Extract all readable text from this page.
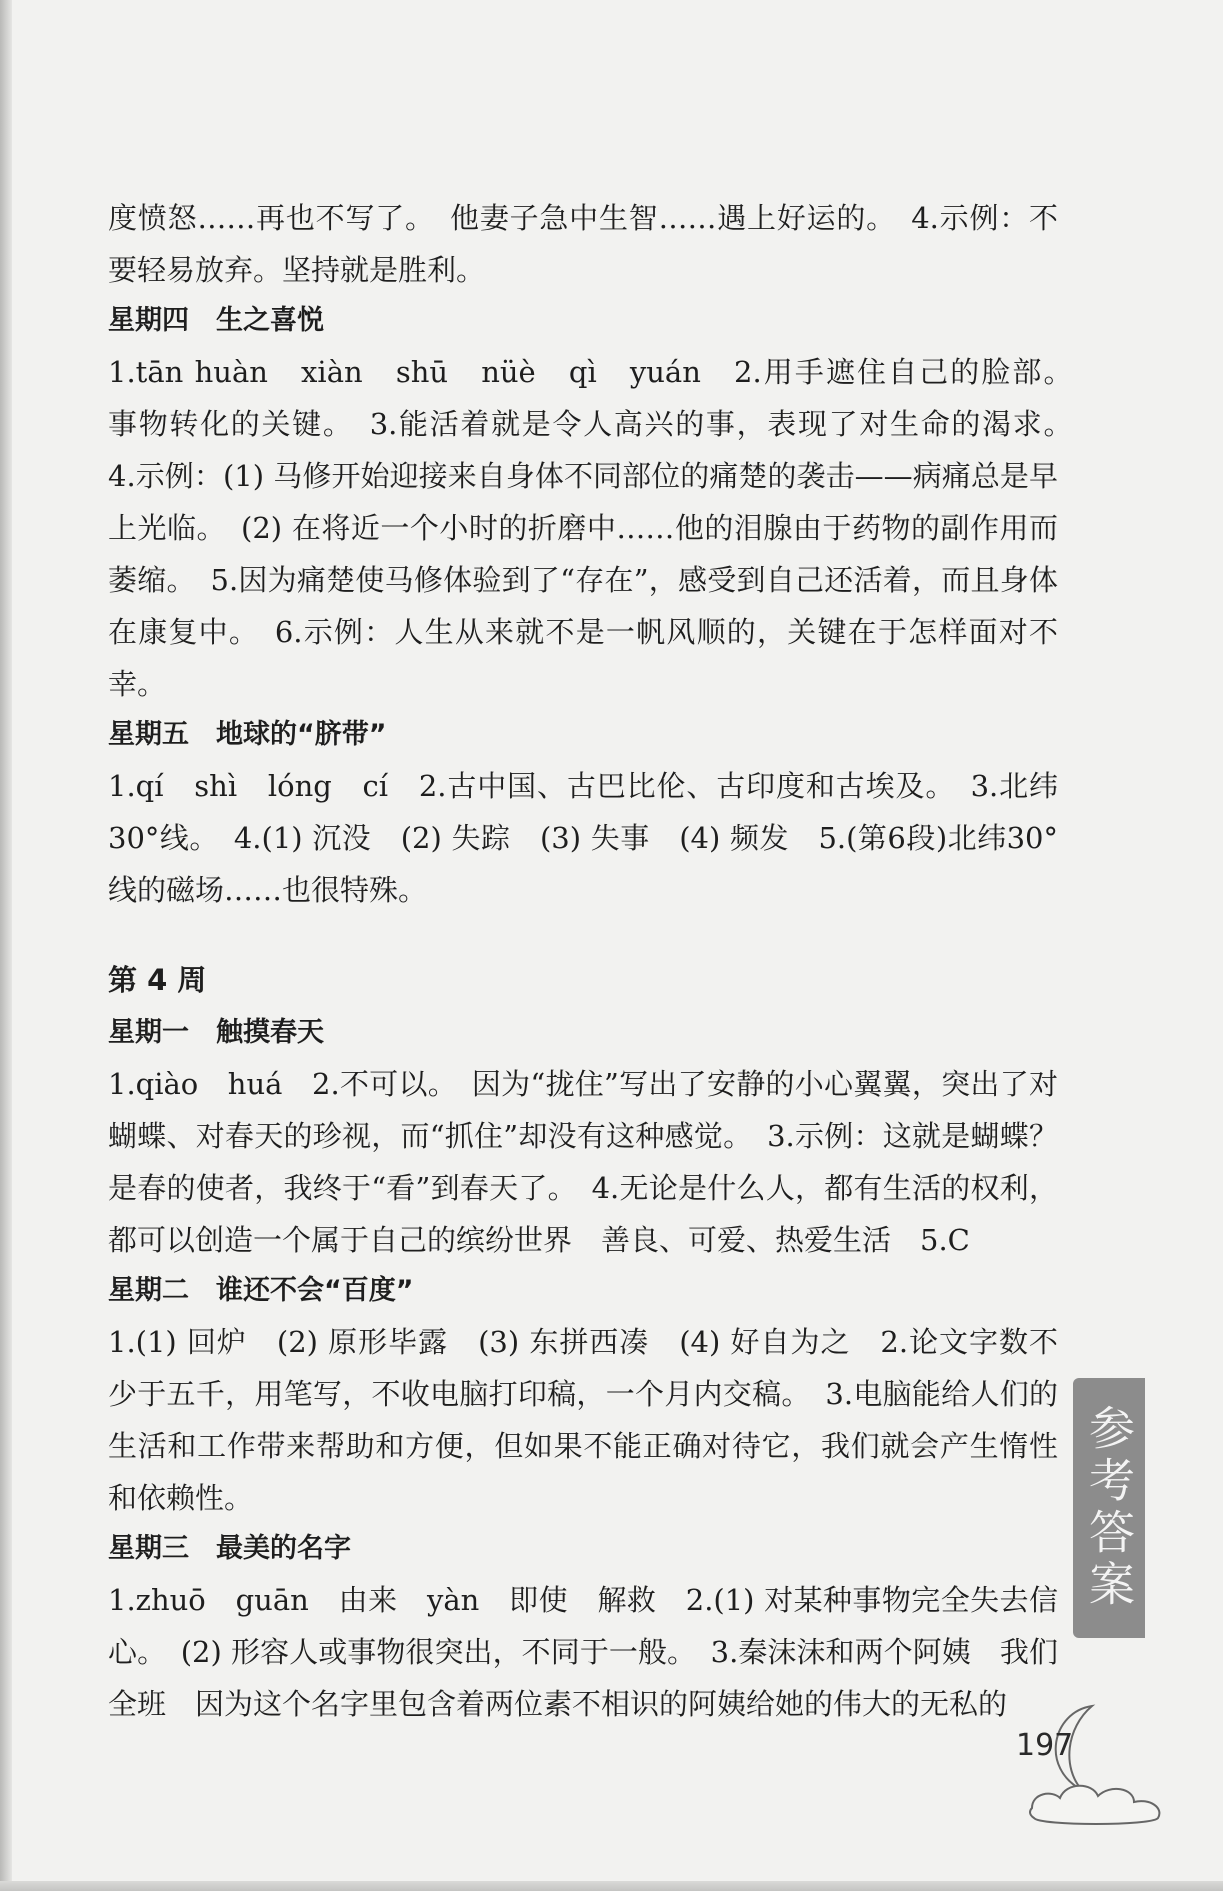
度愤怒……再也不写了。　他妻子急中生智……遇上好运的。　4.示例：不要轻易放弃。坚持就是胜利。

星期四　生之喜悦

1.tān huàn　xiàn　shū　nüè　qì　yuán　2.用手遮住自己的脸部。　事物转化的关键。　3.能活着就是令人高兴的事，表现了对生命的渴求。　4.示例：(1) 马修开始迎接来自身体不同部位的痛楚的袭击——病痛总是早上光临。　(2) 在将近一个小时的折磨中……他的泪腺由于药物的副作用而萎缩。　5.因为痛楚使马修体验到了“存在”，感受到自己还活着，而且身体在康复中。　6.示例：人生从来就不是一帆风顺的，关键在于怎样面对不幸。

星期五　地球的“脐带”

1.qí　shì　lóng　cí　2.古中国、古巴比伦、古印度和古埃及。　3.北纬30°线。　4.(1) 沉没　(2) 失踪　(3) 失事　(4) 频发　5.(第6段)北纬30°线的磁场……也很特殊。

第 4 周

星期一　触摸春天

1.qiào　huá　2.不可以。　因为“拢住”写出了安静的小心翼翼，突出了对蝴蝶、对春天的珍视，而“抓住”却没有这种感觉。　3.示例：这就是蝴蝶？是春的使者，我终于“看”到春天了。　4.无论是什么人，都有生活的权利，都可以创造一个属于自己的缤纷世界　善良、可爱、热爱生活　5.C

星期二　谁还不会“百度”

1.(1) 回炉　(2) 原形毕露　(3) 东拼西凑　(4) 好自为之　2.论文字数不少于五千，用笔写，不收电脑打印稿，一个月内交稿。　3.电脑能给人们的生活和工作带来帮助和方便，但如果不能正确对待它，我们就会产生惰性和依赖性。

星期三　最美的名字

1.zhuō　guān　由来　yàn　即使　解救　2.(1) 对某种事物完全失去信心。　(2) 形容人或事物很突出，不同于一般。　3.秦沫沫和两个阿姨　我们全班　因为这个名字里包含着两位素不相识的阿姨给她的伟大的无私的

参考答案
197
